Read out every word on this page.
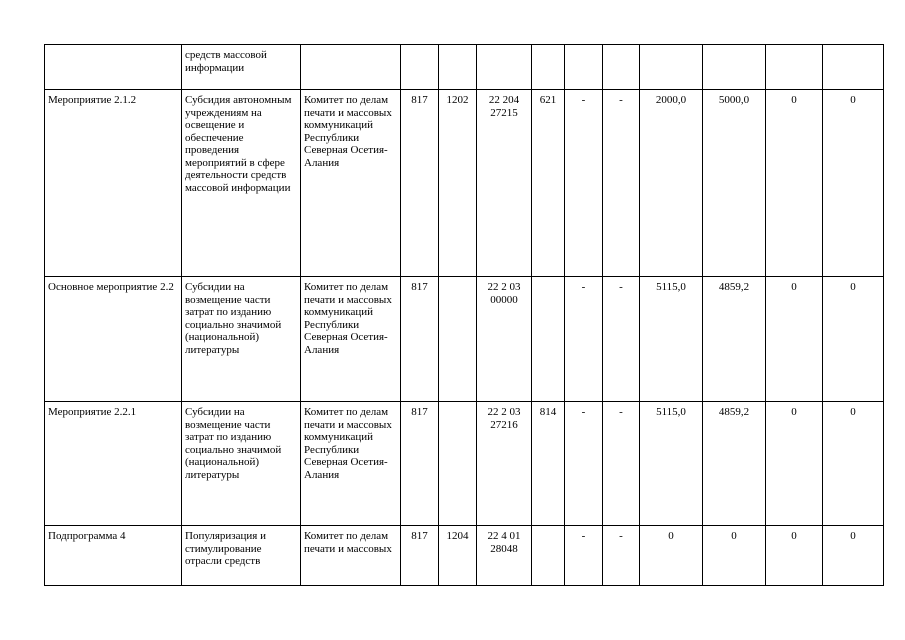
	средств массовой информации											
Мероприятие 2.1.2	Субсидия автономным учреждениям на освещение и обеспечение проведения мероприятий в сфере деятельности средств массовой информации	Комитет по делам печати и массовых коммуникаций Республики Северная Осетия-Алания	817	1202	22 204 27215	621	-	-	2000,0	5000,0	0	0
Основное мероприятие 2.2	Субсидии на возмещение части затрат по изданию социально значимой (национальной) литературы	Комитет по делам печати и массовых коммуникаций Республики Северная Осетия-Алания	817		22 2 03 00000		-	-	5115,0	4859,2	0	0
Мероприятие 2.2.1	Субсидии на возмещение части затрат по изданию социально значимой (национальной) литературы	Комитет по делам печати и массовых коммуникаций Республики Северная Осетия-Алания	817		22 2 03 27216	814	-	-	5115,0	4859,2	0	0
Подпрограмма 4	Популяризация и стимулирование отрасли средств	Комитет по делам печати и массовых	817	1204	22 4 01 28048		-	-	0	0	0	0
